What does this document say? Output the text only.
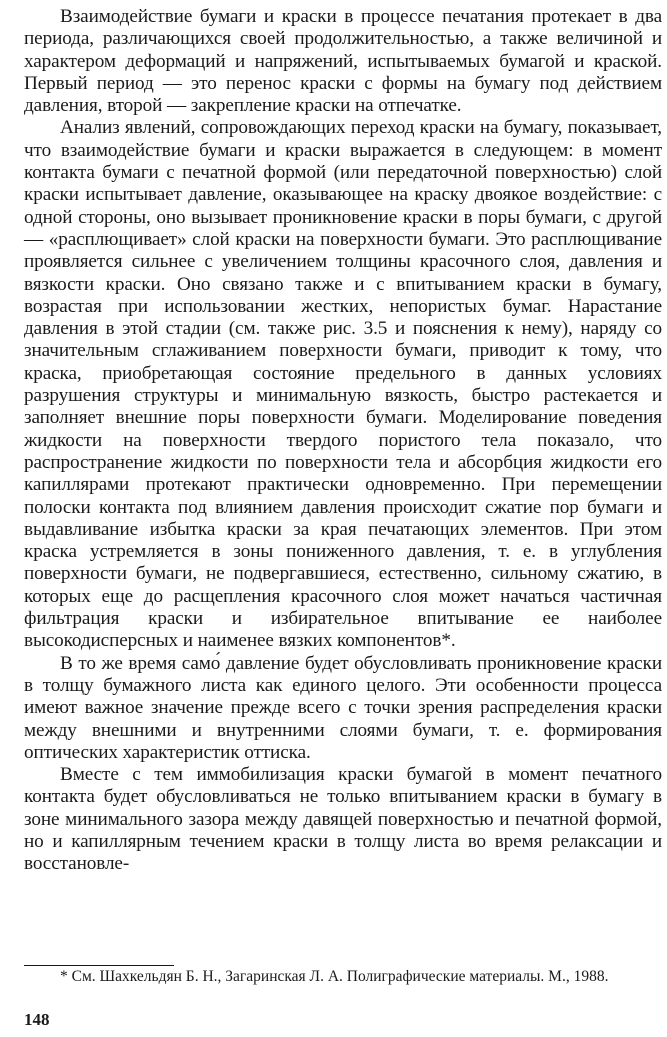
Взаимодействие бумаги и краски в процессе печатания протекает в два периода, различающихся своей продолжительностью, а также величиной и характером деформаций и напряжений, испытываемых бумагой и краской. Первый период — это перенос краски с формы на бумагу под действием давления, второй — закрепление краски на отпечатке.

Анализ явлений, сопровождающих переход краски на бумагу, показывает, что взаимодействие бумаги и краски выражается в следующем: в момент контакта бумаги с печатной формой (или передаточной поверхностью) слой краски испытывает давление, оказывающее на краску двоякое воздействие: с одной стороны, оно вызывает проникновение краски в поры бумаги, с другой — «расплющивает» слой краски на поверхности бумаги. Это расплющивание проявляется сильнее с увеличением толщины красочного слоя, давления и вязкости краски. Оно связано также и с впитыванием краски в бумагу, возрастая при использовании жестких, непористых бумаг. Нарастание давления в этой стадии (см. также рис. 3.5 и пояснения к нему), наряду со значительным сглаживанием поверхности бумаги, приводит к тому, что краска, приобретающая состояние предельного в данных условиях разрушения структуры и минимальную вязкость, быстро растекается и заполняет внешние поры поверхности бумаги. Моделирование поведения жидкости на поверхности твердого пористого тела показало, что распространение жидкости по поверхности тела и абсорбция жидкости его капиллярами протекают практически одновременно. При перемещении полоски контакта под влиянием давления происходит сжатие пор бумаги и выдавливание избытка краски за края печатающих элементов. При этом краска устремляется в зоны пониженного давления, т. е. в углубления поверхности бумаги, не подвергавшиеся, естественно, сильному сжатию, в которых еще до расщепления красочного слоя может начаться частичная фильтрация краски и избирательное впитывание ее наиболее высокодисперсных и наименее вязких компонентов*.

В то же время само́ давление будет обусловливать проникновение краски в толщу бумажного листа как единого целого. Эти особенности процесса имеют важное значение прежде всего с точки зрения распределения краски между внешними и внутренними слоями бумаги, т. е. формирования оптических характеристик оттиска.

Вместе с тем иммобилизация краски бумагой в момент печатного контакта будет обусловливаться не только впитыванием краски в бумагу в зоне минимального зазора между давящей поверхностью и печатной формой, но и капиллярным течением краски в толщу листа во время релаксации и восстановле-

* См. Шахкельдян Б. Н., Загаринская Л. А. Полиграфические материалы. М., 1988.
148
